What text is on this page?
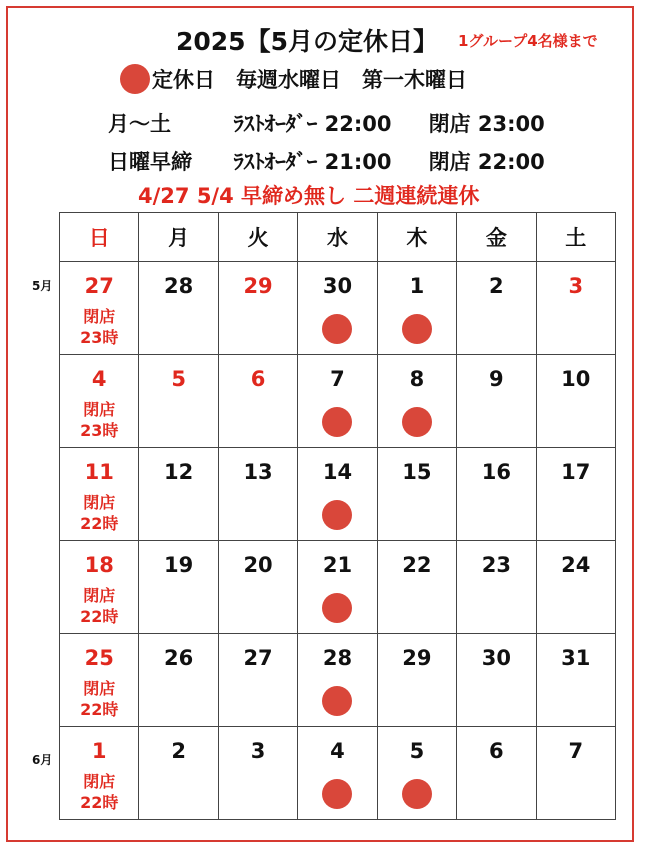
2025【5月の定休日】 1グループ4名様まで
定休日　毎週水曜日　第一木曜日
月～土	ﾗｽﾄｵｰﾀﾞｰ 22:00 閉店 23:00
日曜早締 ﾗｽﾄｵｰﾀﾞｰ 21:00 閉店 22:00
4/27 5/4 早締め無し 二週連続連休
5月
6月
日	月	火	水	木	金	土

27
閉店
23時	28	29	30	1	2	3

4
閉店
23時	5	6	7	8	9	10

11
閉店
22時	12	13	14	15	16	17

18
閉店
22時	19	20	21	22	23	24

25
閉店
22時	26	27	28	29	30	31

1
閉店
22時	2	3	4	5	6	7
